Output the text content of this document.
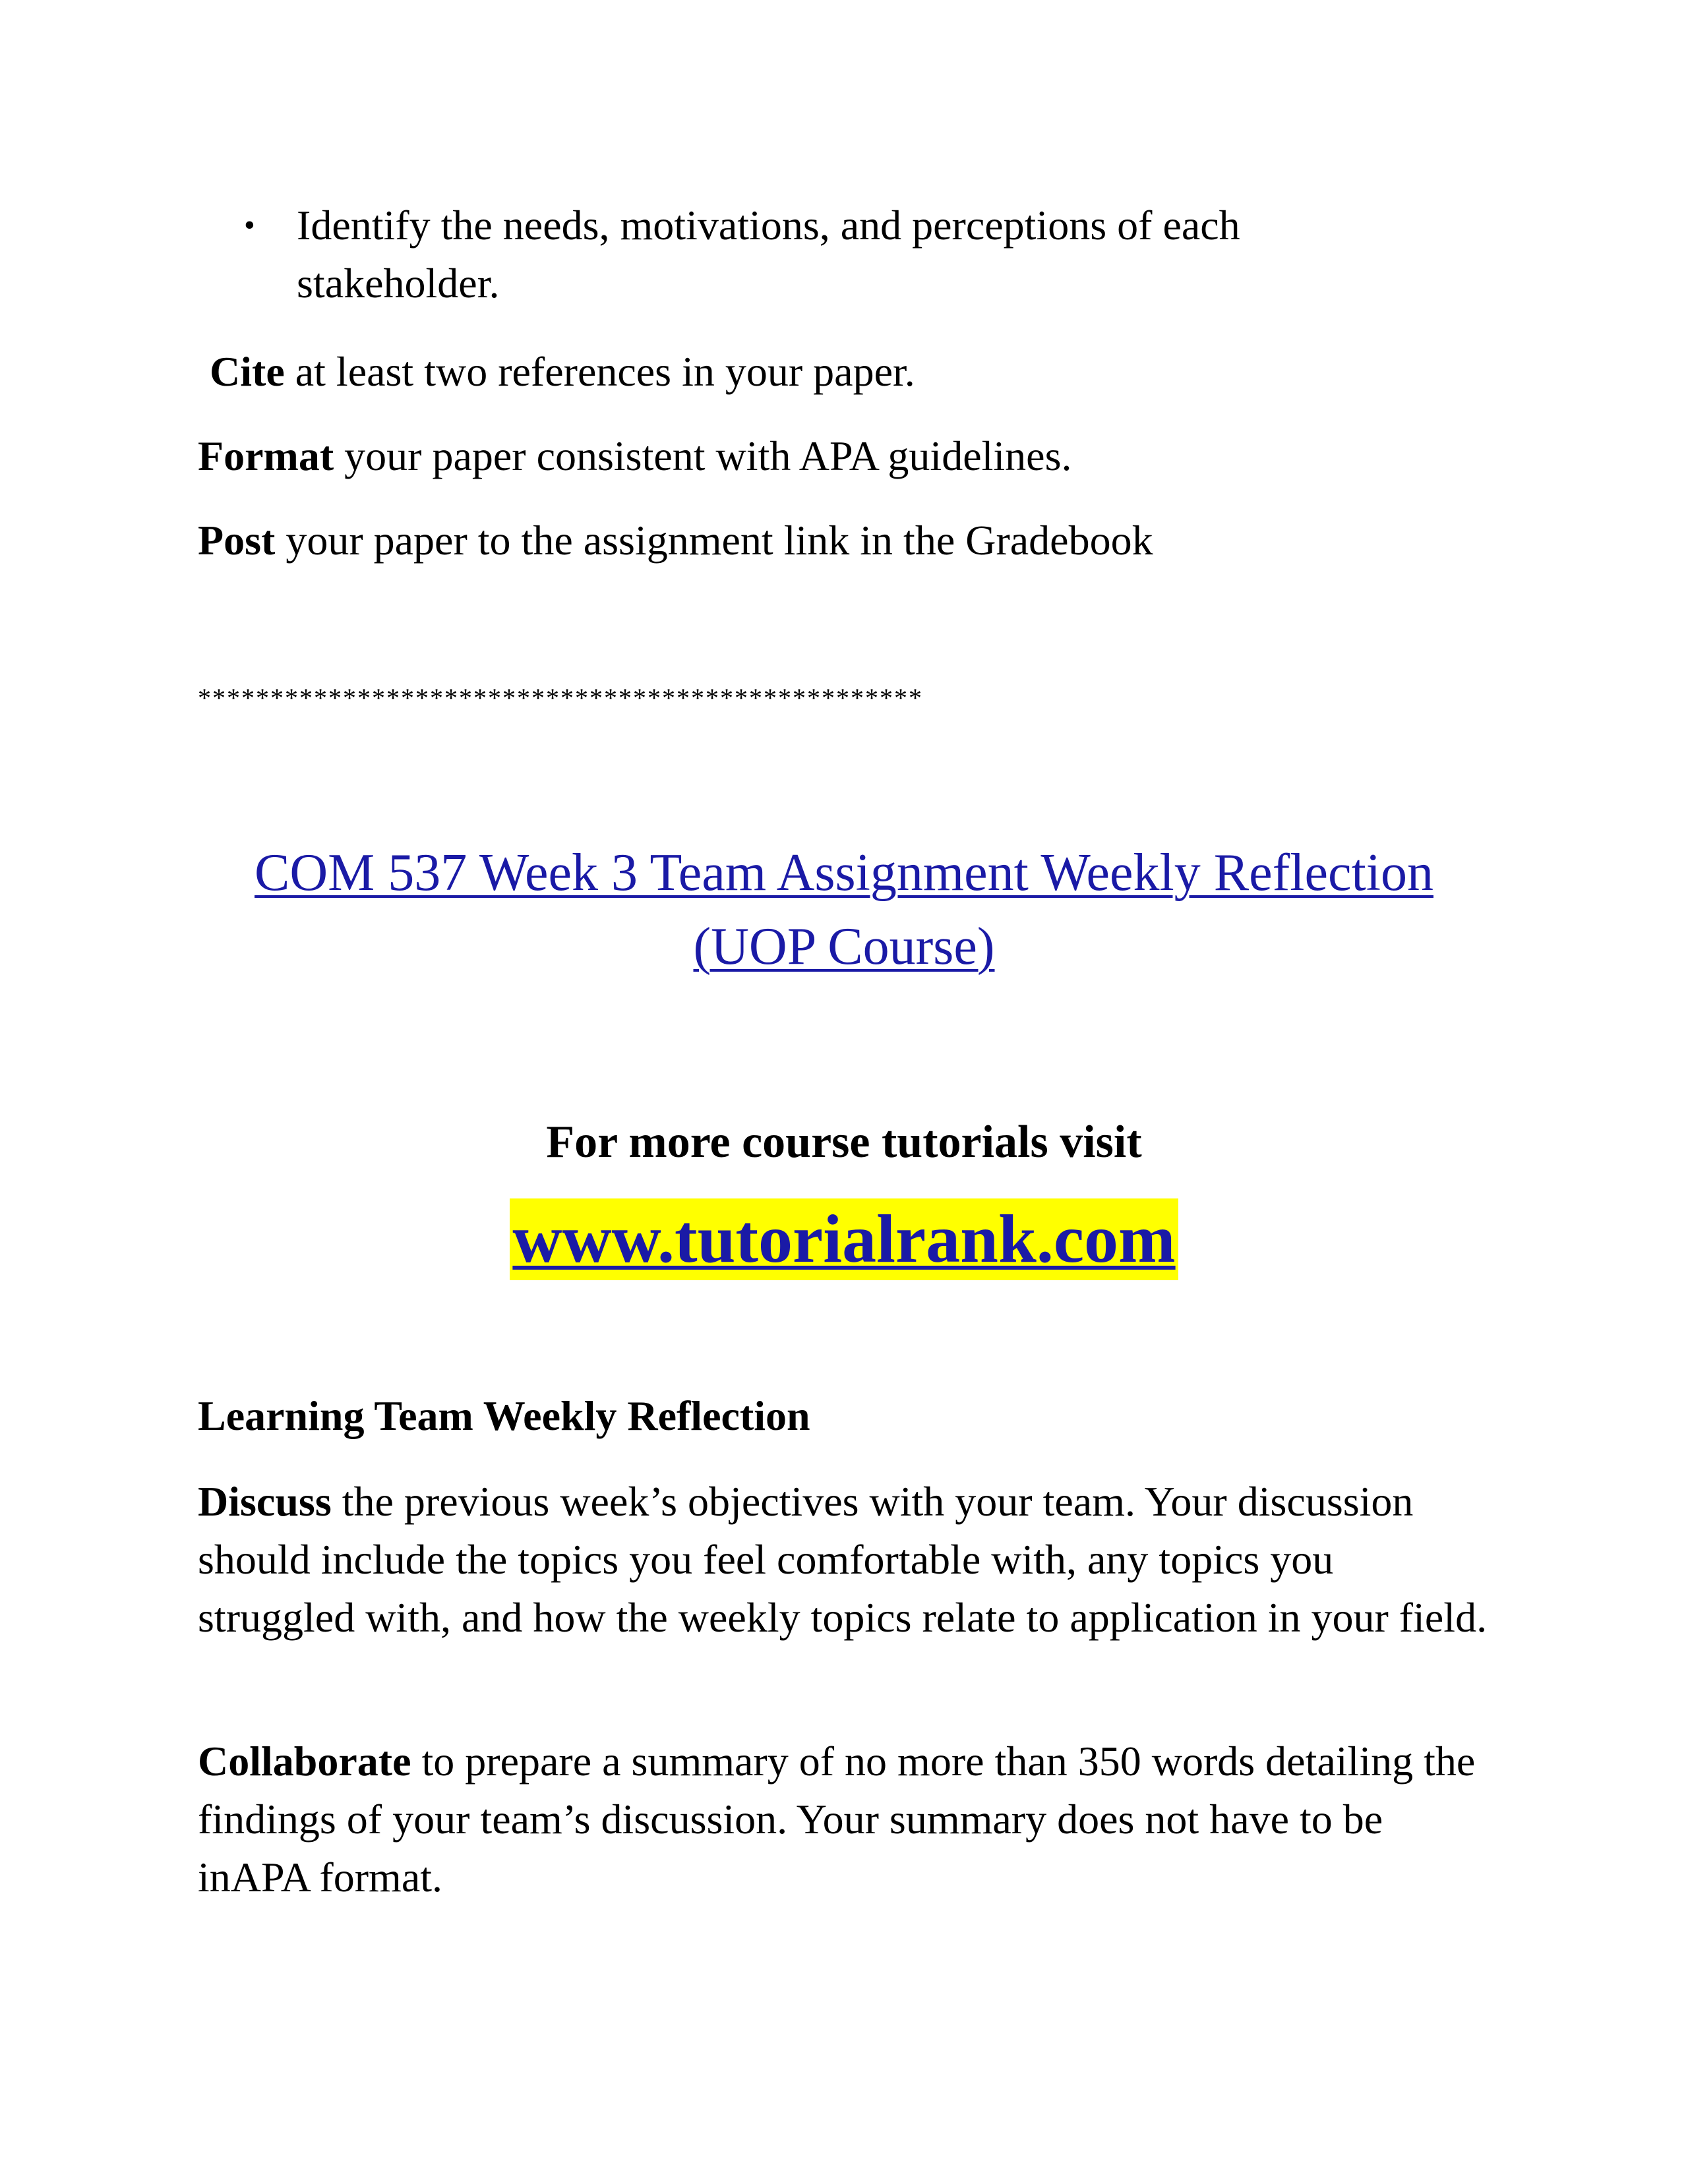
• Identify the needs, motivations, and perceptions of each stakeholder.
Cite at least two references in your paper.
Format your paper consistent with APA guidelines.
Post your paper to the assignment link in the Gradebook
**************************************************
COM 537 Week 3 Team Assignment Weekly Reflection
(UOP Course)
For more course tutorials visit
www.tutorialrank.com
Learning Team Weekly Reflection
Discuss the previous week’s objectives with your team. Your discussion should include the topics you feel comfortable with, any topics you struggled with, and how the weekly topics relate to application in your field.
Collaborate to prepare a summary of no more than 350 words detailing the findings of your team’s discussion. Your summary does not have to be inAPA format.
